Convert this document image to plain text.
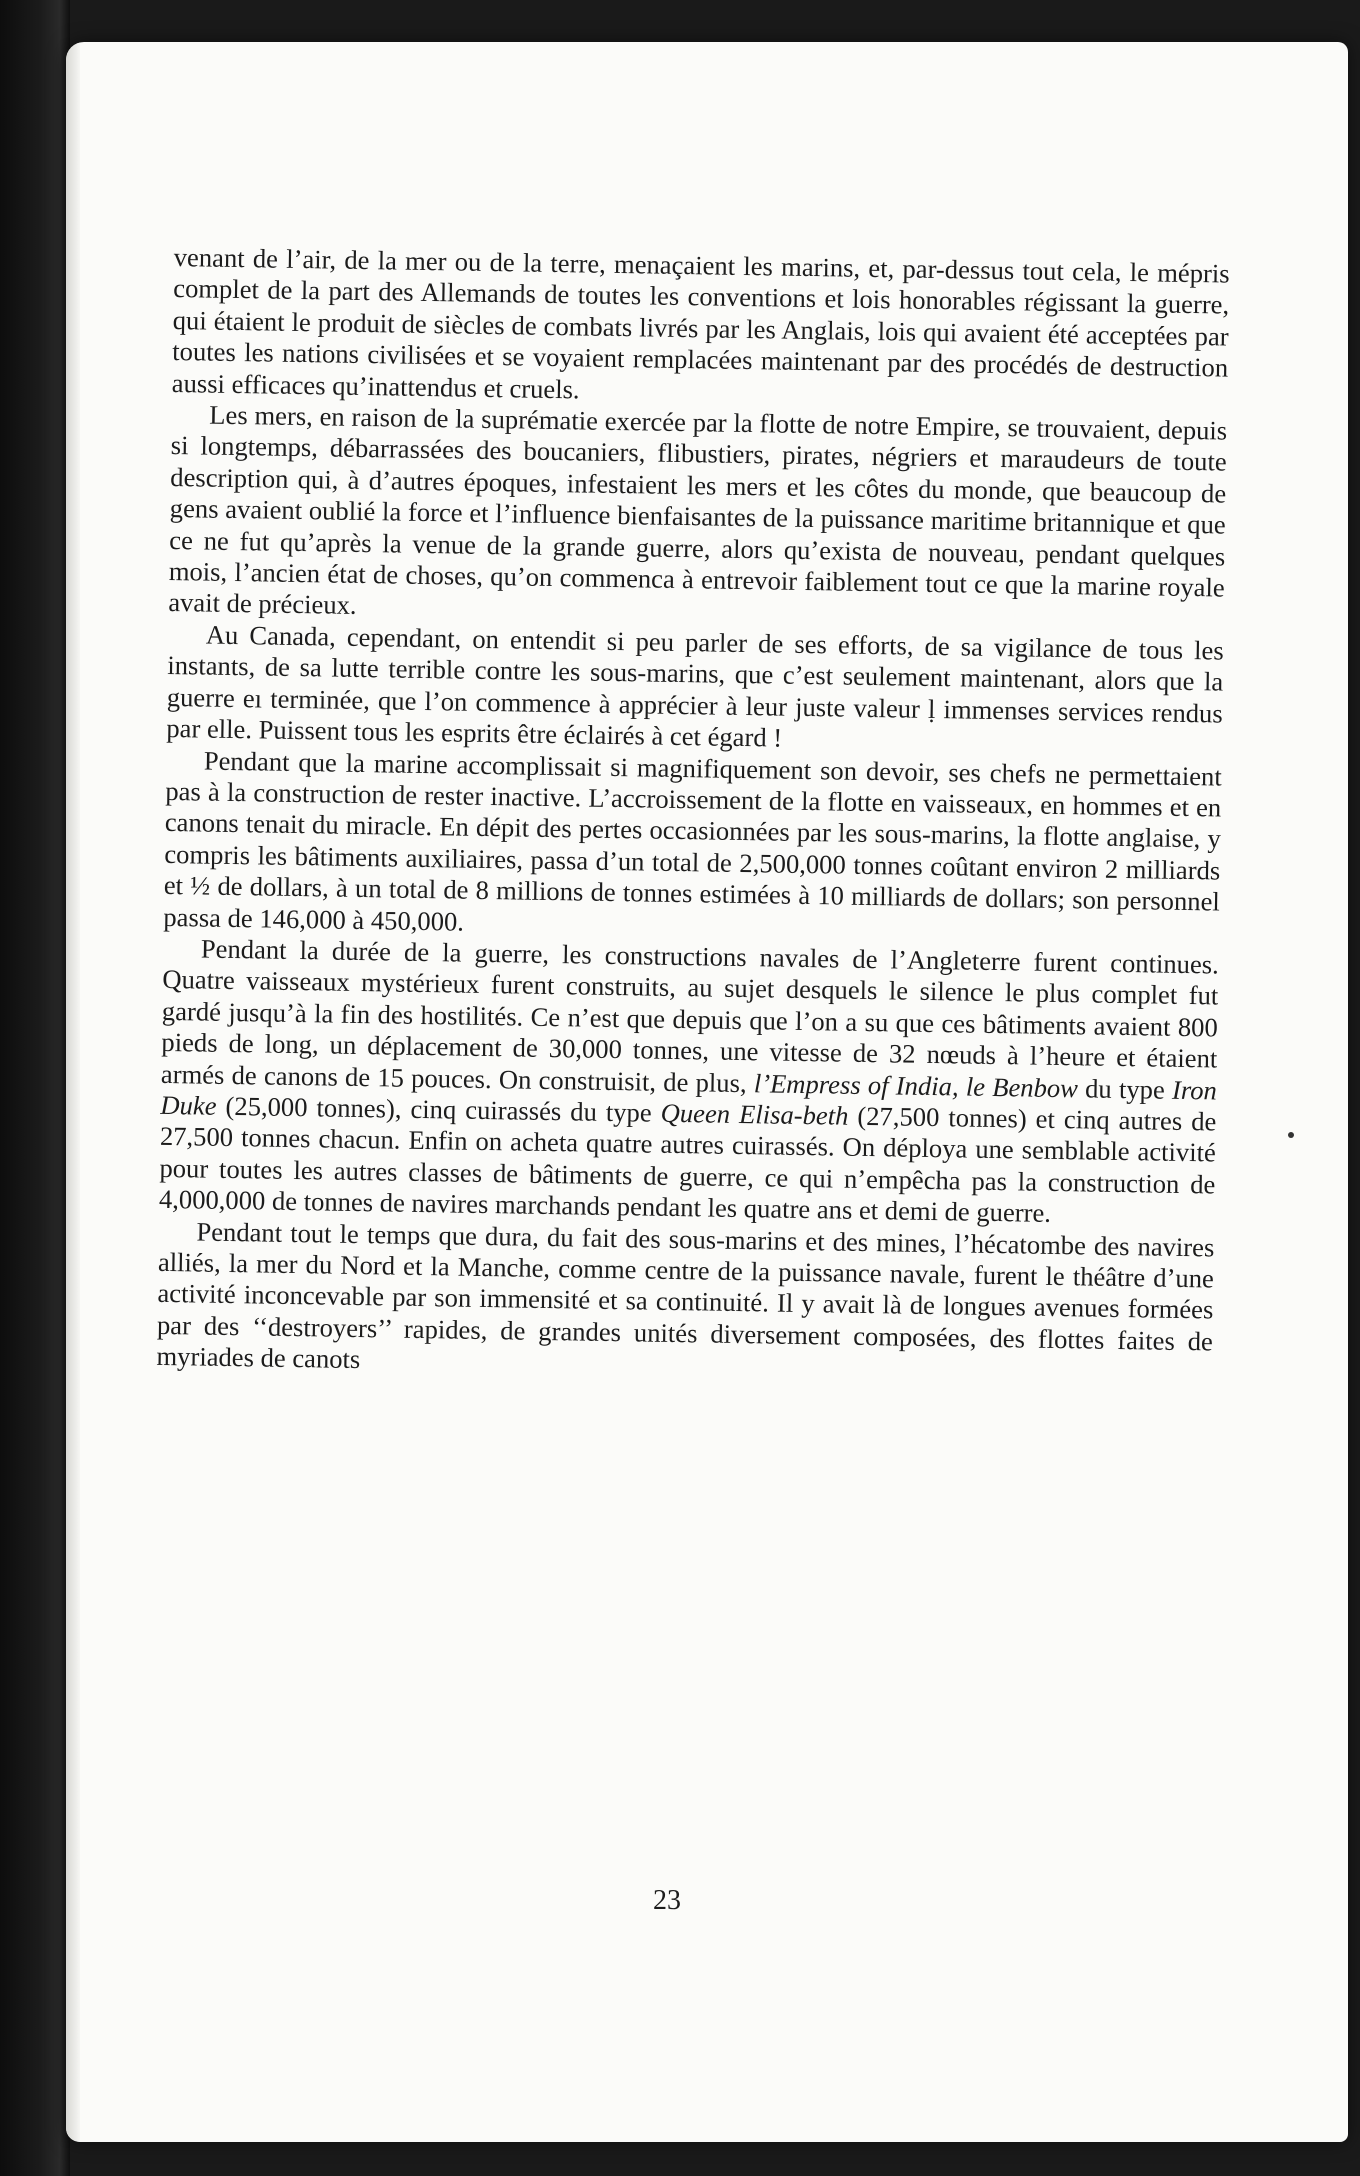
venant de l’air, de la mer ou de la terre, menaçaient les marins, et, par-dessus tout cela, le mépris complet de la part des Allemands de toutes les conventions et lois honorables régissant la guerre, qui étaient le produit de siècles de combats livrés par les Anglais, lois qui avaient été acceptées par toutes les nations civilisées et se voyaient remplacées maintenant par des procédés de destruction aussi efficaces qu’inattendus et cruels.

Les mers, en raison de la suprématie exercée par la flotte de notre Empire, se trouvaient, depuis si longtemps, débarrassées des boucaniers, flibustiers, pirates, négriers et maraudeurs de toute description qui, à d’autres époques, infestaient les mers et les côtes du monde, que beaucoup de gens avaient oublié la force et l’influence bienfaisantes de la puissance maritime britannique et que ce ne fut qu’après la venue de la grande guerre, alors qu’exista de nouveau, pendant quelques mois, l’ancien état de choses, qu’on commenca à entrevoir faiblement tout ce que la marine royale avait de précieux.

Au Canada, cependant, on entendit si peu parler de ses efforts, de sa vigilance de tous les instants, de sa lutte terrible contre les sous-marins, que c’est seulement maintenant, alors que la guerre eı terminée, que l’on commence à apprécier à leur juste valeur ḷ immenses services rendus par elle. Puissent tous les esprits être éclairés à cet égard !

Pendant que la marine accomplissait si magnifiquement son devoir, ses chefs ne permettaient pas à la construction de rester inactive. L’accroissement de la flotte en vaisseaux, en hommes et en canons tenait du miracle. En dépit des pertes occasionnées par les sous-marins, la flotte anglaise, y compris les bâtiments auxiliaires, passa d’un total de 2,500,000 tonnes coûtant environ 2 milliards et ½ de dollars, à un total de 8 millions de tonnes estimées à 10 milliards de dollars; son personnel passa de 146,000 à 450,000.

Pendant la durée de la guerre, les constructions navales de l’Angleterre furent continues. Quatre vaisseaux mystérieux furent construits, au sujet desquels le silence le plus complet fut gardé jusqu’à la fin des hostilités. Ce n’est que depuis que l’on a su que ces bâtiments avaient 800 pieds de long, un déplacement de 30,000 tonnes, une vitesse de 32 nœuds à l’heure et étaient armés de canons de 15 pouces. On construisit, de plus, l’Empress of India, le Benbow du type Iron Duke (25,000 tonnes), cinq cuirassés du type Queen Elisa-beth (27,500 tonnes) et cinq autres de 27,500 tonnes chacun. Enfin on acheta quatre autres cuirassés. On déploya une semblable activité pour toutes les autres classes de bâtiments de guerre, ce qui n’empêcha pas la construction de 4,000,000 de tonnes de navires marchands pendant les quatre ans et demi de guerre.

Pendant tout le temps que dura, du fait des sous-marins et des mines, l’hécatombe des navires alliés, la mer du Nord et la Manche, comme centre de la puissance navale, furent le théâtre d’une activité inconcevable par son immensité et sa continuité. Il y avait là de longues avenues formées par des ‘‘destroyers’’ rapides, de grandes unités diversement composées, des flottes faites de myriades de canots

23
